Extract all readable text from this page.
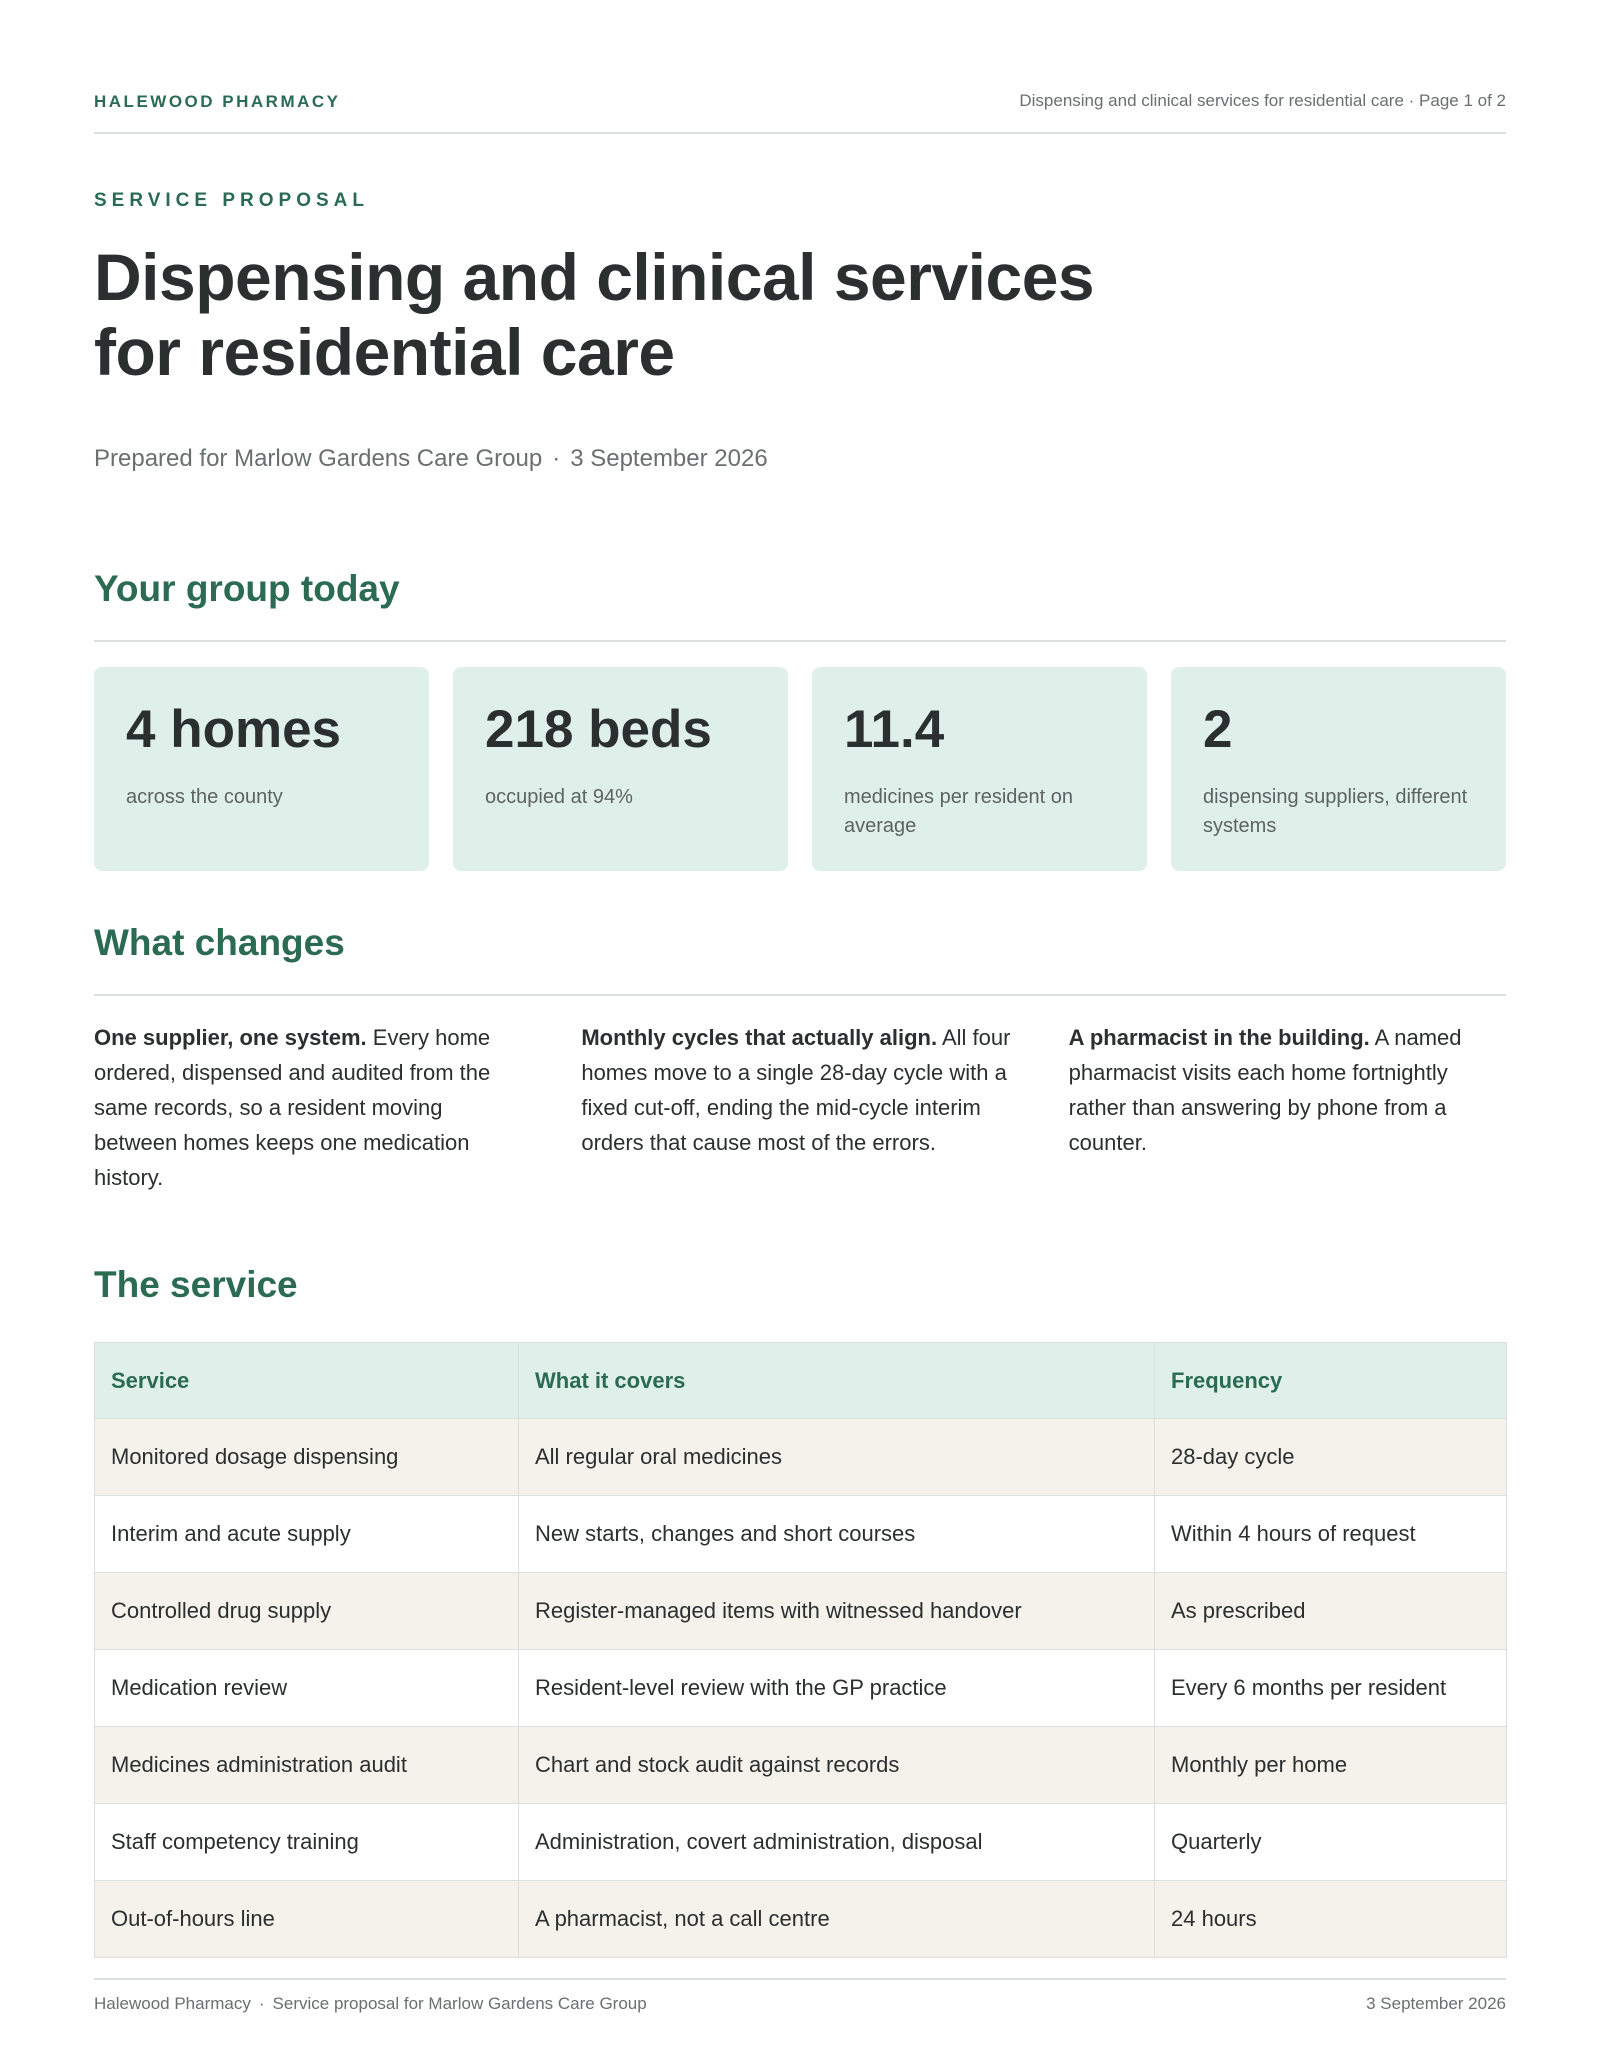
HALEWOOD PHARMACY	Dispensing and clinical services for residential care · Page 1 of 2
SERVICE PROPOSAL
Dispensing and clinical services for residential care
Prepared for Marlow Gardens Care Group · 3 September 2026
Your group today
4 homes
across the county
218 beds
occupied at 94%
11.4
medicines per resident on average
2
dispensing suppliers, different systems
What changes

One supplier, one system. Every home ordered, dispensed and audited from the same records, so a resident moving between homes keeps one medication history.

Monthly cycles that actually align. All four homes move to a single 28-day cycle with a fixed cut-off, ending the mid-cycle interim orders that cause most of the errors.

A pharmacist in the building. A named pharmacist visits each home fortnightly rather than answering by phone from a counter.

The service
Service	What it covers	Frequency
Monitored dosage dispensing	All regular oral medicines	28-day cycle
Interim and acute supply	New starts, changes and short courses	Within 4 hours of request
Controlled drug supply	Register-managed items with witnessed handover	As prescribed
Medication review	Resident-level review with the GP practice	Every 6 months per resident
Medicines administration audit	Chart and stock audit against records	Monthly per home
Staff competency training	Administration, covert administration, disposal	Quarterly
Out-of-hours line	A pharmacist, not a call centre	24 hours
Halewood Pharmacy · Service proposal for Marlow Gardens Care Group	3 September 2026
